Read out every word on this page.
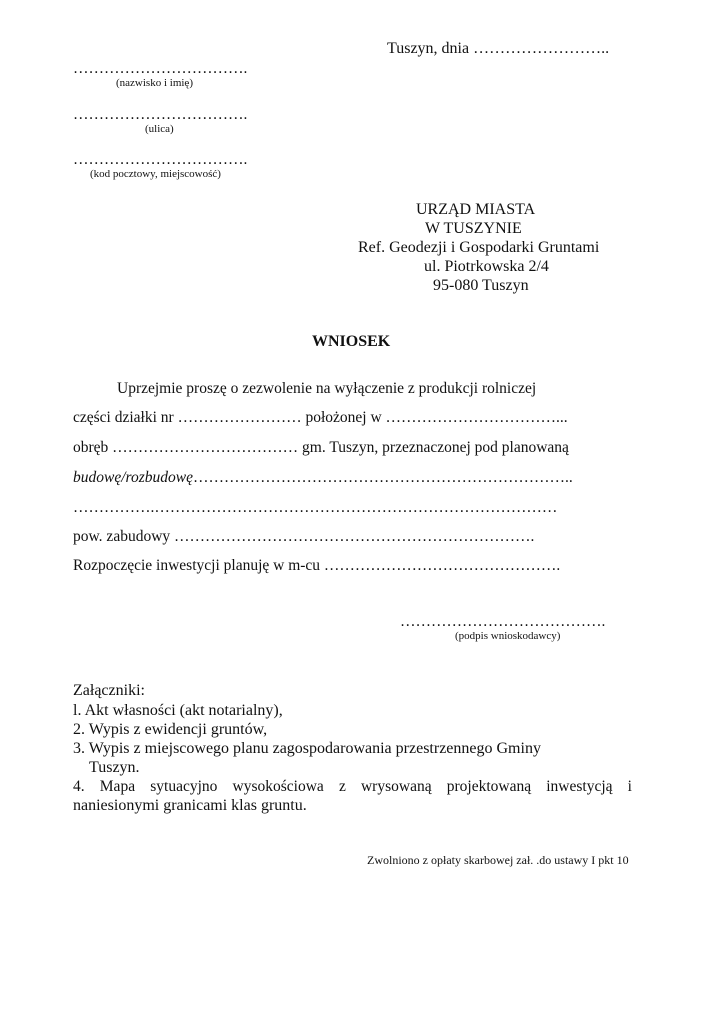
Tuszyn, dnia ……………………..
…………………………….
(nazwisko i imię)
…………………………….
(ulica)
…………………………….
(kod pocztowy, miejscowość)
URZĄD MIASTA
W TUSZYNIE
Ref. Geodezji i Gospodarki Gruntami
ul. Piotrkowska 2/4
95-080 Tuszyn
WNIOSEK
Uprzejmie proszę o zezwolenie na wyłączenie z produkcji rolniczej
części działki nr …………………… położonej w ……………………………...
obręb ……………………………… gm. Tuszyn, przeznaczonej pod planowaną
budowę/rozbudowę………………………………………………………………..
…………….……………………………………………………………………
pow. zabudowy …………………………………………………………….
Rozpoczęcie inwestycji planuję w m-cu ……………………………………….
………………………………….
(podpis wnioskodawcy)
Załączniki:
l. Akt własności (akt notarialny),
2. Wypis z ewidencji gruntów,
3. Wypis z miejscowego planu zagospodarowania przestrzennego Gminy
Tuszyn.
4. Mapa sytuacyjno wysokościowa z wrysowaną projektowaną inwestycją i
naniesionymi granicami klas gruntu.
Zwolniono z opłaty skarbowej zał. .do ustawy I pkt 10
